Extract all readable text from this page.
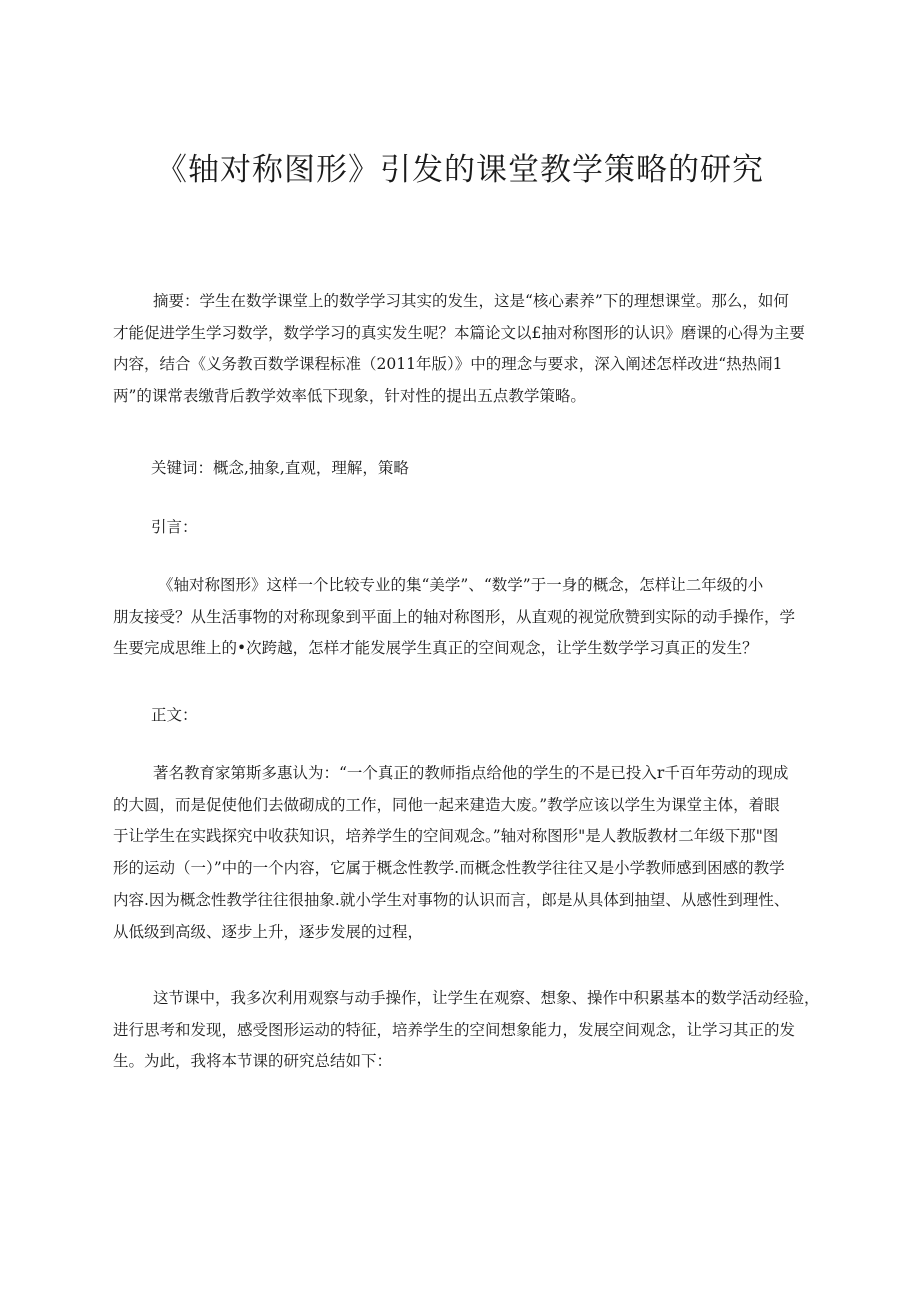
《轴对称图形》引发的课堂教学策略的研究
摘要：学生在数学课堂上的数学学习其实的发生，这是“核心素养”下的理想课堂。那么，如何
才能促进学生学习数学，数学学习的真实发生呢？本篇论文以£抽对称图形的认识》磨课的心得为主要
内容，结合《义务教百数学课程标准（2011年版）》中的理念与要求，深入阐述怎样改进“热热闹1
两”的课常表缴背后教学效率低下现象，针对性的提出五点教学策略。
关键词：概念,抽象,直观，理解，策略
引言：
《轴对称图形》这样一个比较专业的集“美学”、“数学”于一身的概念，怎样让二年级的小
朋友接受？从生活事物的对称现象到平面上的轴对称图形，从直观的视觉欣赞到实际的动手操作，学
生要完成思维上的•次跨越，怎样才能发展学生真正的空间观念，让学生数学学习真正的发生？
正文：
著名教育家第斯多惠认为：“一个真正的教师指点给他的学生的不是已投入r千百年劳动的现成
的大圆，而是促使他们去做砌成的工作，同他一起来建造大废。”教学应该以学生为课堂主体，着眼
于让学生在实践探究中收获知识，培养学生的空间观念。”轴对称图形"是人教版教材二年级下那"图
形的运动（一）”中的一个内容，它属于概念性教学.而概念性教学往往又是小学教师感到困感的教学
内容.因为概念性教学往往很抽象.就小学生对事物的认识而言，郎是从具体到抽望、从感性到理性、
从低级到高级、逐步上升，逐步发展的过程，
这节课中，我多次利用观察与动手操作，让学生在观察、想象、操作中积累基本的数学活动经验，
进行思考和发现，感受图形运动的特征，培养学生的空间想象能力，发展空间观念，让学习其正的发
生。为此，我将本节课的研究总结如下：
